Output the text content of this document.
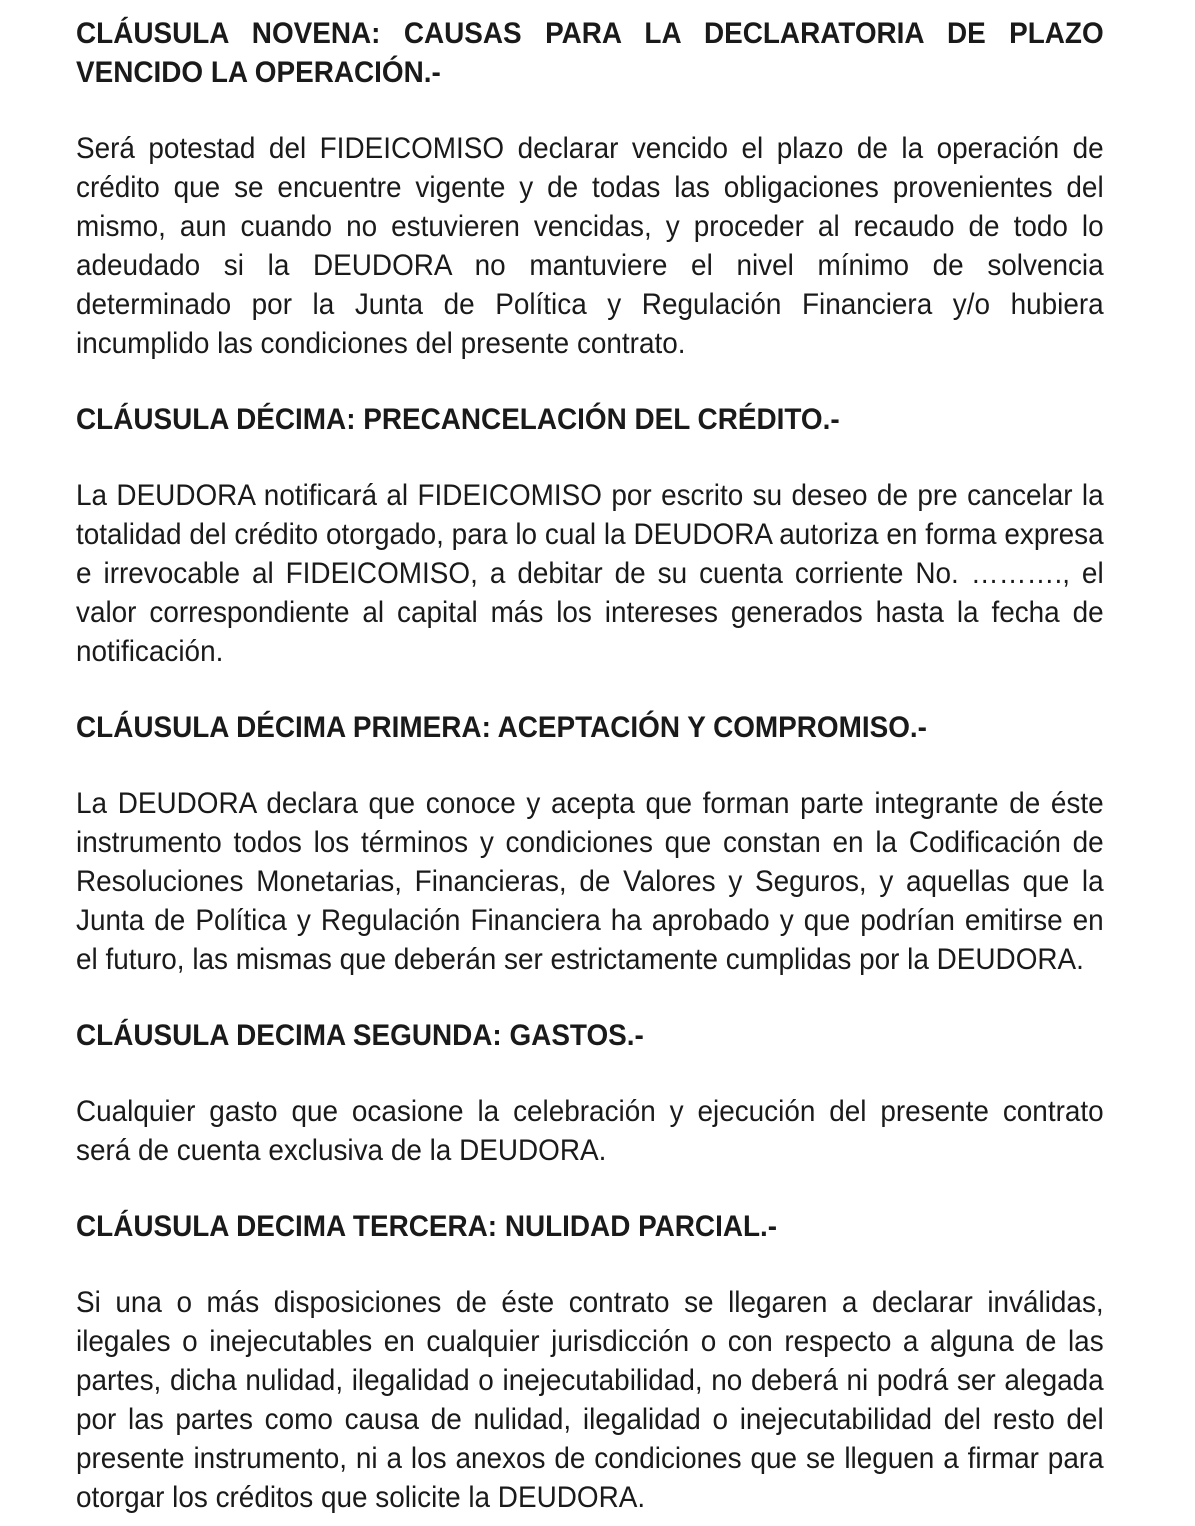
CLÁUSULA NOVENA: CAUSAS PARA LA DECLARATORIA DE PLAZO VENCIDO LA OPERACIÓN.-

Será potestad del FIDEICOMISO declarar vencido el plazo de la operación de crédito que se encuentre vigente y de todas las obligaciones provenientes del mismo, aun cuando no estuvieren vencidas, y proceder al recaudo de todo lo adeudado si la DEUDORA no mantuviere el nivel mínimo de solvencia determinado por la Junta de Política y Regulación Financiera y/o hubiera incumplido las condiciones del presente contrato.

CLÁUSULA DÉCIMA: PRECANCELACIÓN DEL CRÉDITO.-

La DEUDORA notificará al FIDEICOMISO por escrito su deseo de pre cancelar la totalidad del crédito otorgado, para lo cual la DEUDORA autoriza en forma expresa e irrevocable al FIDEICOMISO, a debitar de su cuenta corriente No. ………., el valor correspondiente al capital más los intereses generados hasta la fecha de notificación.

CLÁUSULA DÉCIMA PRIMERA: ACEPTACIÓN Y COMPROMISO.-

La DEUDORA declara que conoce y acepta que forman parte integrante de éste instrumento todos los términos y condiciones que constan en la Codificación de Resoluciones Monetarias, Financieras, de Valores y Seguros, y aquellas que la Junta de Política y Regulación Financiera ha aprobado y que podrían emitirse en el futuro, las mismas que deberán ser estrictamente cumplidas por la DEUDORA.

CLÁUSULA DECIMA SEGUNDA: GASTOS.-

Cualquier gasto que ocasione la celebración y ejecución del presente contrato será de cuenta exclusiva de la DEUDORA.

CLÁUSULA DECIMA TERCERA: NULIDAD PARCIAL.-

Si una o más disposiciones de éste contrato se llegaren a declarar inválidas, ilegales o inejecutables en cualquier jurisdicción o con respecto a alguna de las partes, dicha nulidad, ilegalidad o inejecutabilidad, no deberá ni podrá ser alegada por las partes como causa de nulidad, ilegalidad o inejecutabilidad del resto del presente instrumento, ni a los anexos de condiciones que se lleguen a firmar para otorgar los créditos que solicite la DEUDORA.
